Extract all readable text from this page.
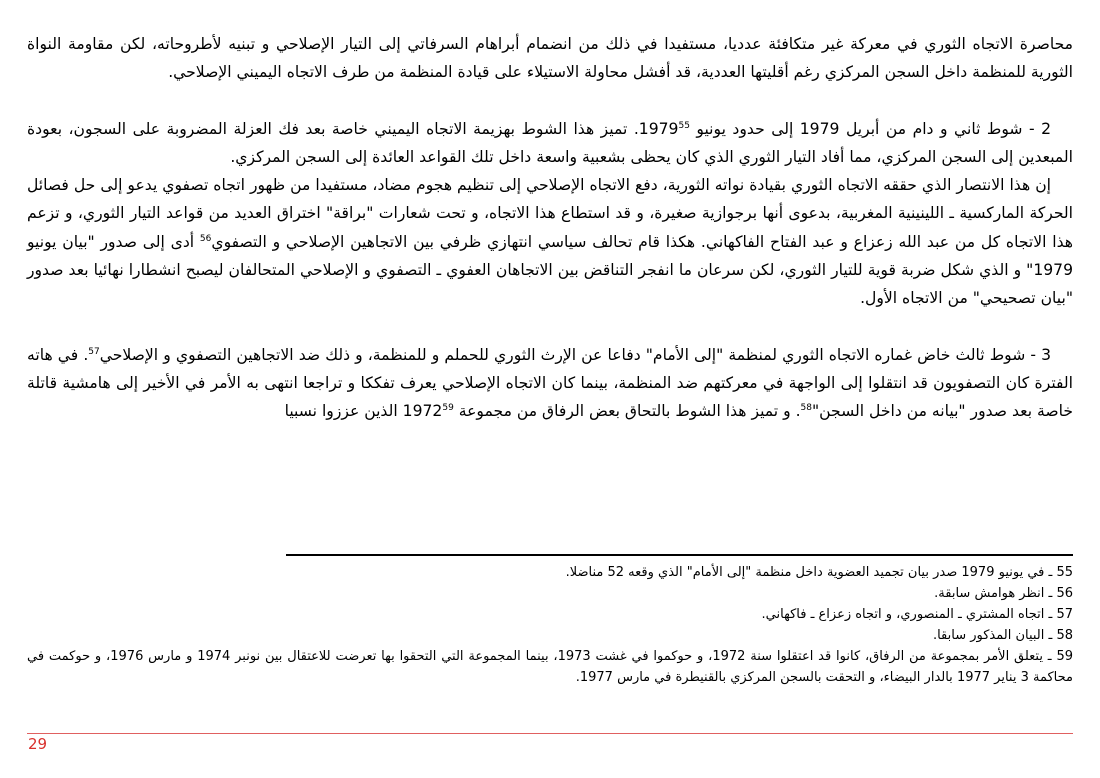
محاصرة الاتجاه الثوري في معركة غير متكافئة عدديا، مستفيدا في ذلك من انضمام أبراهام السرفاتي إلى التيار الإصلاحي و تبنيه لأطروحاته، لكن مقاومة النواة الثورية للمنظمة داخل السجن المركزي رغم أقليتها العددية، قد أفشل محاولة الاستيلاء على قيادة المنظمة من طرف الاتجاه اليميني الإصلاحي.

2 - شوط ثاني و دام من أبريل 1979 إلى حدود يونيو 1979$^{55}$. تميز هذا الشوط بهزيمة الاتجاه اليميني خاصة بعد فك العزلة المضروبة على السجون، بعودة المبعدين إلى السجن المركزي، مما أفاد التيار الثوري الذي كان يحظى بشعبية واسعة داخل تلك القواعد العائدة إلى السجن المركزي.

إن هذا الانتصار الذي حققه الاتجاه الثوري بقيادة نواته الثورية، دفع الاتجاه الإصلاحي إلى تنظيم هجوم مضاد، مستفيدا من ظهور اتجاه تصفوي يدعو إلى حل فصائل الحركة الماركسية ـ اللينينية المغربية، بدعوى أنها برجوازية صغيرة، و قد استطاع هذا الاتجاه، و تحت شعارات "براقة" اختراق العديد من قواعد التيار الثوري، و تزعم هذا الاتجاه كل من عبد الله زعزاع و عبد الفتاح الفاكهاني. هكذا قام تحالف سياسي انتهازي ظرفي بين الاتجاهين الإصلاحي و التصفوي$^{56}$ أدى إلى صدور "بيان يونيو 1979" و الذي شكل ضربة قوية للتيار الثوري، لكن سرعان ما انفجر التناقض بين الاتجاهان العفوي ـ التصفوي و الإصلاحي المتحالفان ليصبح انشطارا نهائيا بعد صدور "بيان تصحيحي" من الاتجاه الأول.

3 - شوط ثالث خاض غماره الاتجاه الثوري لمنظمة "إلى الأمام" دفاعا عن الإرث الثوري للحملم و للمنظمة، و ذلك ضد الاتجاهين التصفوي و الإصلاحي$^{57}$. في هاته الفترة كان التصفويون قد انتقلوا إلى الواجهة في معركتهم ضد المنظمة، بينما كان الاتجاه الإصلاحي يعرف تفككا و تراجعا انتهى به الأمر في الأخير إلى هامشية قاتلة خاصة بعد صدور "بيانه من داخل السجن"$^{58}$. و تميز هذا الشوط بالتحاق بعض الرفاق من مجموعة 1972$^{59}$ الذين عززوا نسبيا

55 ـ في يونيو 1979 صدر بيان تجميد العضوية داخل منظمة "إلى الأمام" الذي وقعه 52 مناضلا.

56 ـ انظر هوامش سابقة.

57 ـ اتجاه المشتري ـ المنصوري، و اتجاه زعزاع ـ فاكهاني.

58 ـ البيان المذكور سابقا.

59 ـ يتعلق الأمر بمجموعة من الرفاق، كانوا قد اعتقلوا سنة 1972، و حوكموا في غشت 1973، بينما المجموعة التي التحقوا بها تعرضت للاعتقال بين نونبر 1974 و مارس 1976، و حوكمت في محاكمة 3 يناير 1977 بالدار البيضاء، و التحقت بالسجن المركزي بالقنيطرة في مارس 1977.

29
